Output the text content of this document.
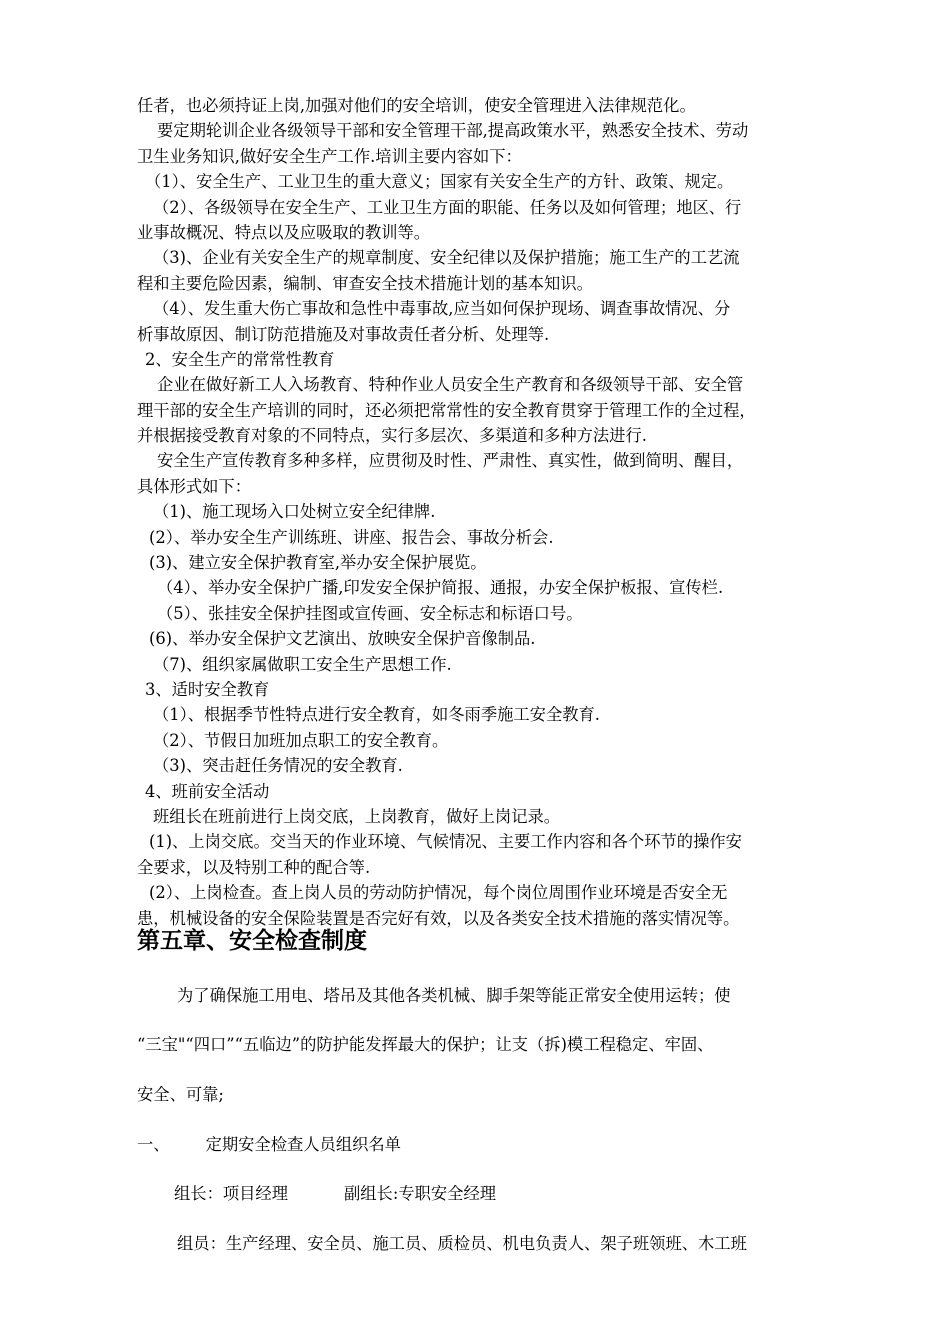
任者，也必须持证上岗,加强对他们的安全培训，使安全管理进入法律规范化。
要定期轮训企业各级领导干部和安全管理干部,提高政策水平，熟悉安全技术、劳动
卫生业务知识,做好安全生产工作.培训主要内容如下：
（1）、安全生产、工业卫生的重大意义；国家有关安全生产的方针、政策、规定。
（2）、各级领导在安全生产、工业卫生方面的职能、任务以及如何管理；地区、行
业事故概况、特点以及应吸取的教训等。
（3)、企业有关安全生产的规章制度、安全纪律以及保护措施；施工生产的工艺流
程和主要危险因素，编制、审查安全技术措施计划的基本知识。
（4）、发生重大伤亡事故和急性中毒事故,应当如何保护现场、调查事故情况、分
析事故原因、制订防范措施及对事故责任者分析、处理等.
2、安全生产的常常性教育
企业在做好新工人入场教育、特种作业人员安全生产教育和各级领导干部、安全管
理干部的安全生产培训的同时，还必须把常常性的安全教育贯穿于管理工作的全过程，
并根据接受教育对象的不同特点，实行多层次、多渠道和多种方法进行.
安全生产宣传教育多种多样，应贯彻及时性、严肃性、真实性，做到简明、醒目，
具体形式如下：
（1)、施工现场入口处树立安全纪律牌.
(2）、举办安全生产训练班、讲座、报告会、事故分析会.
(3)、建立安全保护教育室,举办安全保护展览。
（4）、举办安全保护广播,印发安全保护简报、通报，办安全保护板报、宣传栏.
（5）、张挂安全保护挂图或宣传画、安全标志和标语口号。
(6)、举办安全保护文艺演出、放映安全保护音像制品.
（7)、组织家属做职工安全生产思想工作.
3、适时安全教育
（1）、根据季节性特点进行安全教育，如冬雨季施工安全教育.
（2）、节假日加班加点职工的安全教育。
（3)、突击赶任务情况的安全教育.
4、班前安全活动
班组长在班前进行上岗交底，上岗教育，做好上岗记录。
(1)、上岗交底。交当天的作业环境、气候情况、主要工作内容和各个环节的操作安
全要求，以及特别工种的配合等.
(2）、上岗检查。查上岗人员的劳动防护情况，每个岗位周围作业环境是否安全无
患，机械设备的安全保险装置是否完好有效，以及各类安全技术措施的落实情况等。
第五章、安全检查制度
为了确保施工用电、塔吊及其他各类机械、脚手架等能正常安全使用运转；使
“三宝"“四口”“五临边”的防护能发挥最大的保护；让支（拆)模工程稳定、牢固、
安全、可靠;
一、 定期安全检查人员组织名单
组长：项目经理	副组长:专职安全经理
组员：生产经理、安全员、施工员、质检员、机电负责人、架子班领班、木工班
